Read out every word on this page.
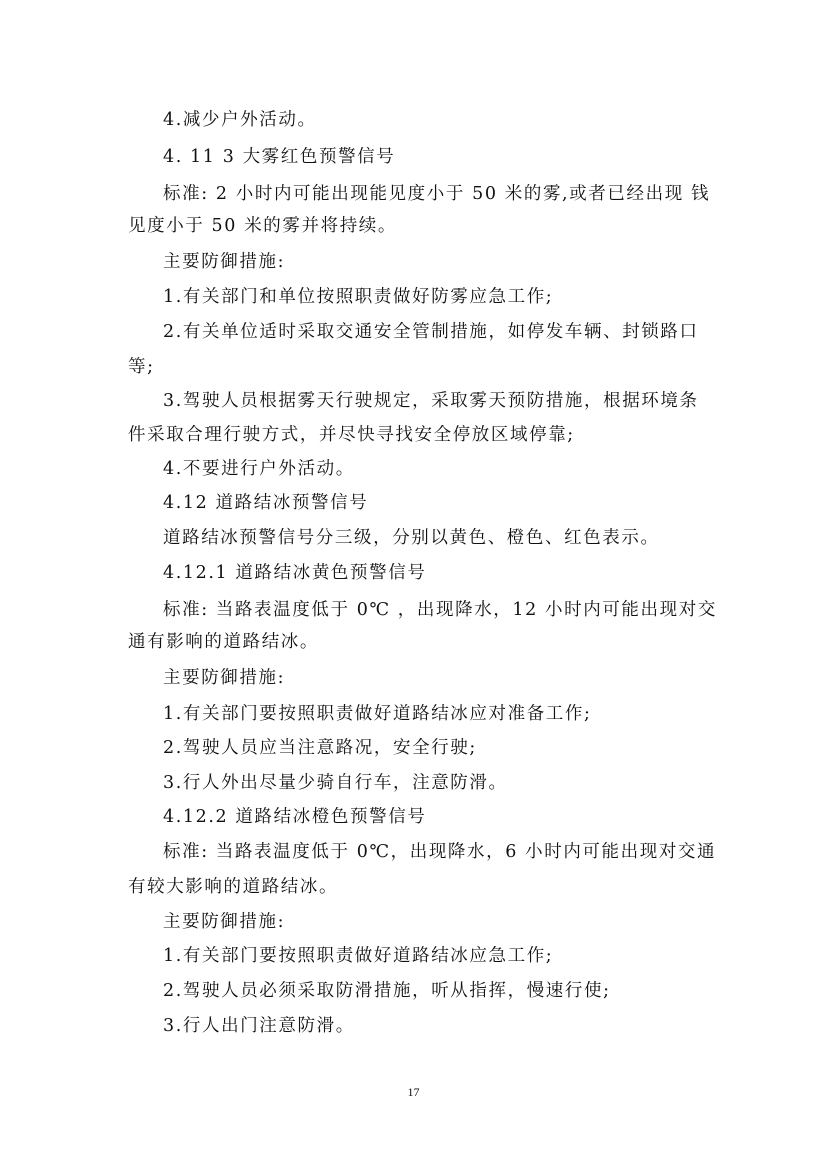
4.减少户外活动。

4. 11 3 大雾红色预警信号

标准: 2 小时内可能出现能见度小于 50 米的雾,或者已经出现 钱

见度小于 50 米的雾并将持续。

主要防御措施:

1.有关部门和单位按照职责做好防雾应急工作;

2.有关单位适时采取交通安全管制措施，如停发车辆、封锁路口

等;

3.驾驶人员根据雾天行驶规定，采取雾天预防措施，根据环境条

件采取合理行驶方式，并尽快寻找安全停放区域停靠;

4.不要进行户外活动。

4.12 道路结冰预警信号

道路结冰预警信号分三级，分别以黄色、橙色、红色表示。

4.12.1 道路结冰黄色预警信号

标准: 当路表温度低于 0℃ ，出现降水，12 小时内可能出现对交

通有影响的道路结冰。

主要防御措施:

1.有关部门要按照职责做好道路结冰应对准备工作;

2.驾驶人员应当注意路况，安全行驶;

3.行人外出尽量少骑自行车，注意防滑。

4.12.2 道路结冰橙色预警信号

标准: 当路表温度低于 0℃，出现降水，6 小时内可能出现对交通

有较大影响的道路结冰。

主要防御措施:

1.有关部门要按照职责做好道路结冰应急工作;

2.驾驶人员必须采取防滑措施，听从指挥，慢速行使;

3.行人出门注意防滑。

17
